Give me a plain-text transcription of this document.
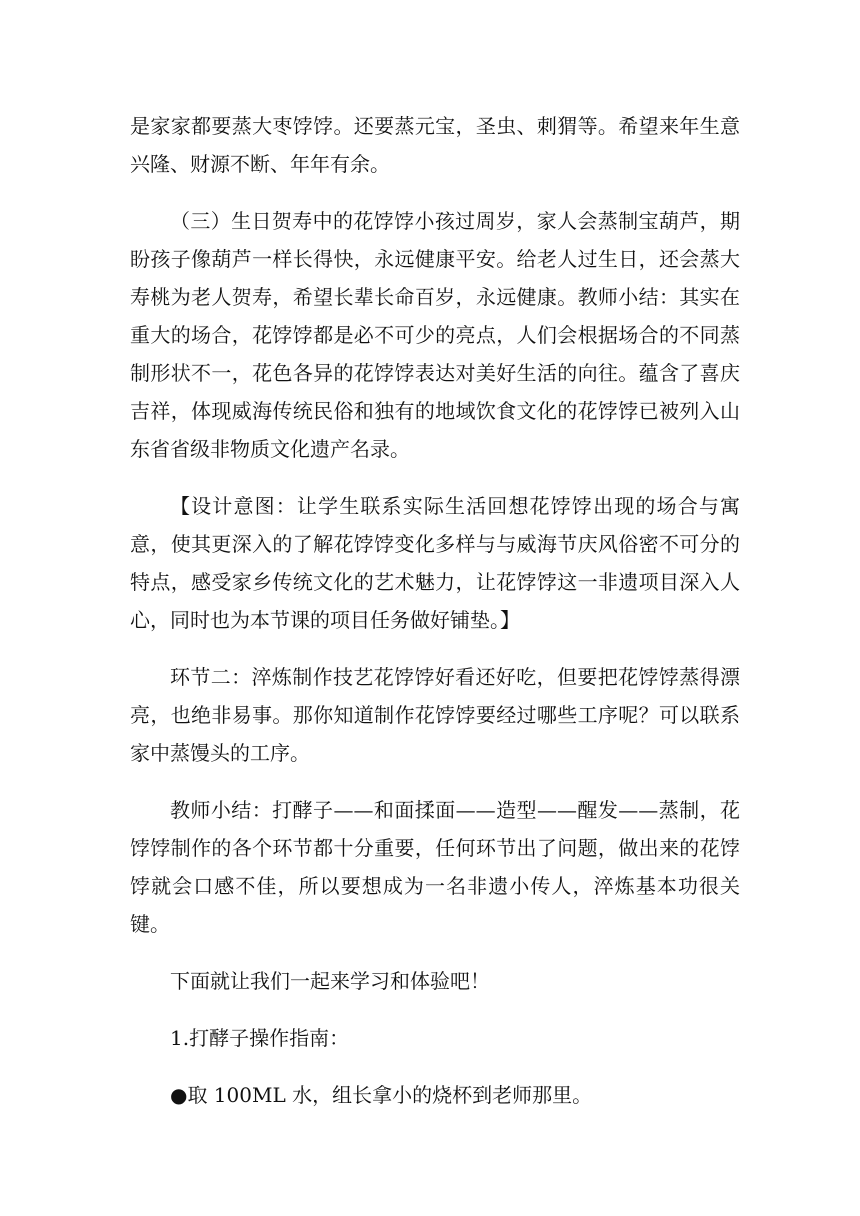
是家家都要蒸大枣饽饽。还要蒸元宝，圣虫、刺猬等。希望来年生意兴隆、财源不断、年年有余。

（三）生日贺寿中的花饽饽小孩过周岁，家人会蒸制宝葫芦，期盼孩子像葫芦一样长得快，永远健康平安。给老人过生日，还会蒸大寿桃为老人贺寿，希望长辈长命百岁，永远健康。教师小结：其实在重大的场合，花饽饽都是必不可少的亮点，人们会根据场合的不同蒸制形状不一，花色各异的花饽饽表达对美好生活的向往。蕴含了喜庆吉祥，体现威海传统民俗和独有的地域饮食文化的花饽饽已被列入山东省省级非物质文化遗产名录。

【设计意图：让学生联系实际生活回想花饽饽出现的场合与寓意，使其更深入的了解花饽饽变化多样与与威海节庆风俗密不可分的特点，感受家乡传统文化的艺术魅力，让花饽饽这一非遗项目深入人心，同时也为本节课的项目任务做好铺垫。】

环节二：淬炼制作技艺花饽饽好看还好吃，但要把花饽饽蒸得漂亮，也绝非易事。那你知道制作花饽饽要经过哪些工序呢？可以联系家中蒸馒头的工序。

教师小结：打酵子——和面揉面——造型——醒发——蒸制，花饽饽制作的各个环节都十分重要，任何环节出了问题，做出来的花饽饽就会口感不佳，所以要想成为一名非遗小传人，淬炼基本功很关键。

下面就让我们一起来学习和体验吧！

1.打酵子操作指南：

●取 100ML 水，组长拿小的烧杯到老师那里。
